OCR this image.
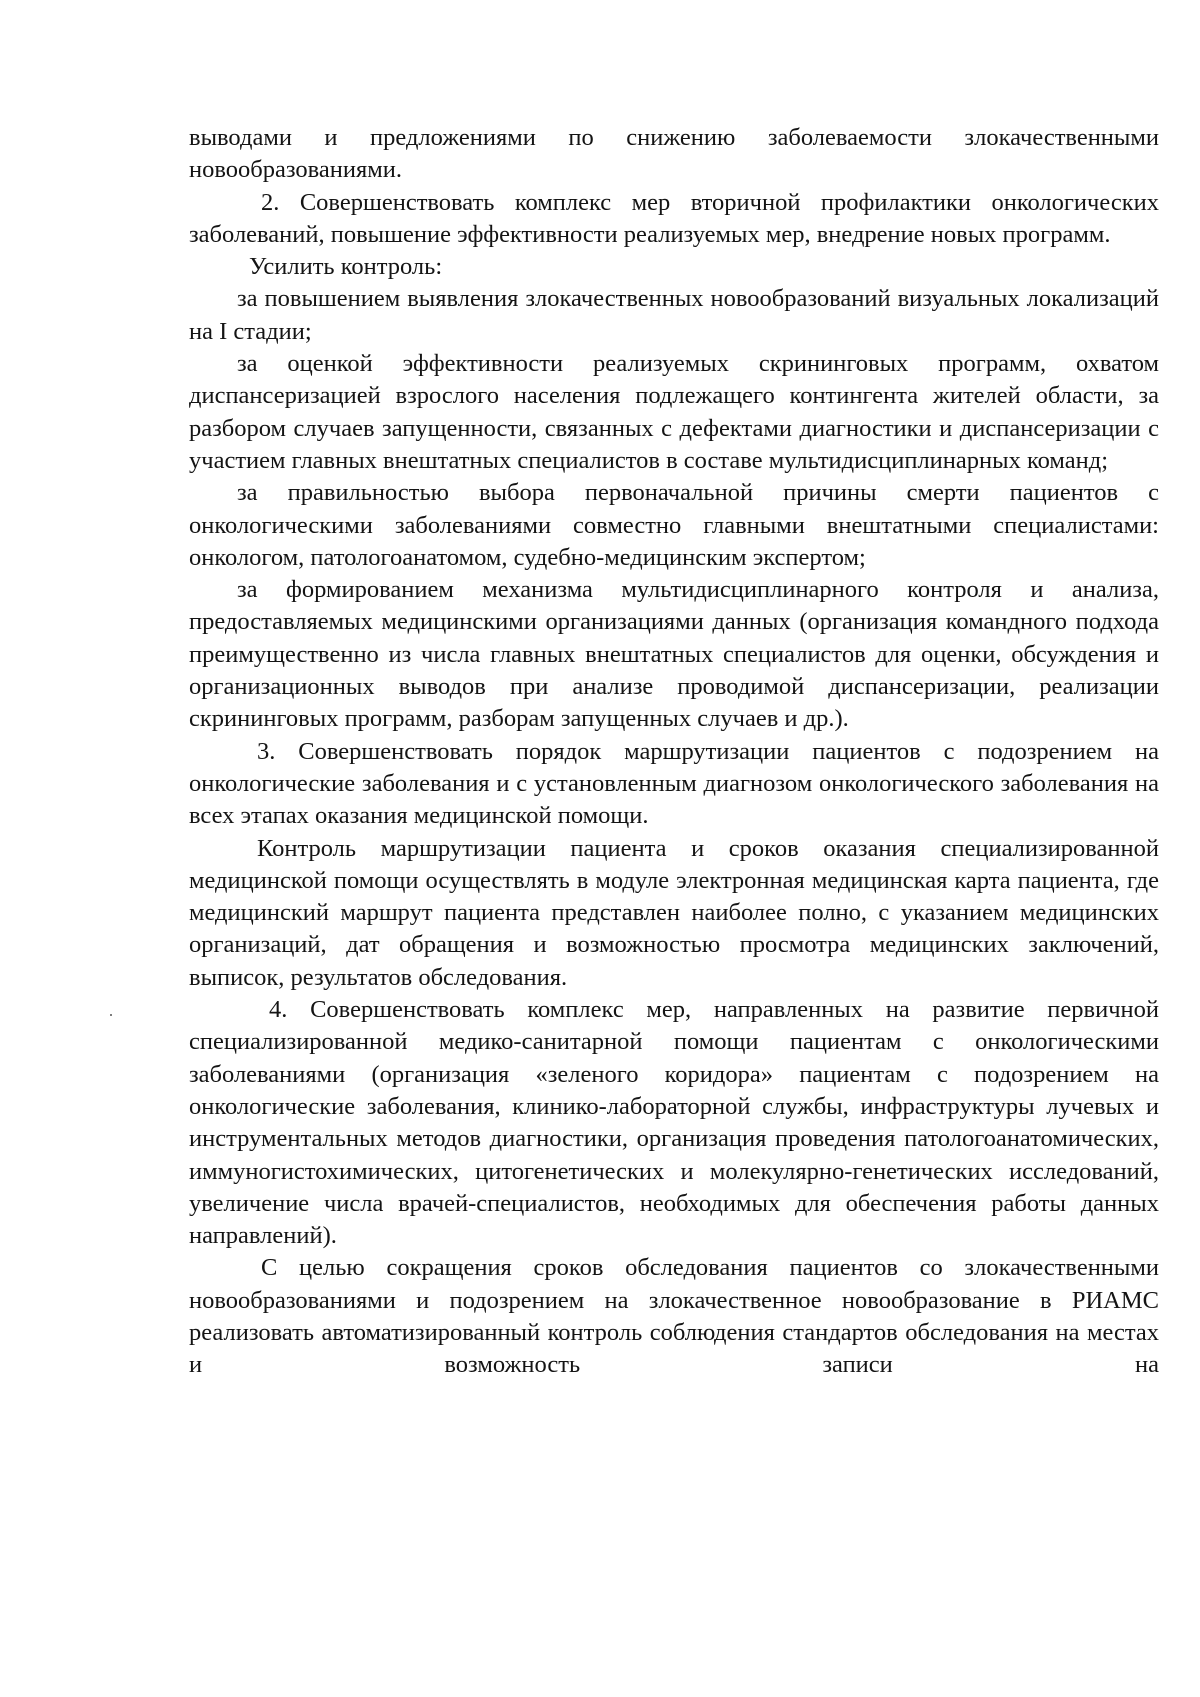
выводами и предложениями по снижению заболеваемости злокачественными новообразованиями.

2. Совершенствовать комплекс мер вторичной профилактики онкологических заболеваний, повышение эффективности реализуемых мер, внедрение новых программ.

Усилить контроль:

за повышением выявления злокачественных новообразований визуальных локализаций на I стадии;

за оценкой эффективности реализуемых скрининговых программ, охватом диспансеризацией взрослого населения подлежащего контингента жителей области, за разбором случаев запущенности, связанных с дефектами диагностики и диспансеризации с участием главных внештатных специалистов в составе мультидисциплинарных команд;

за правильностью выбора первоначальной причины смерти пациентов с онкологическими заболеваниями совместно главными внештатными специалистами: онкологом, патологоанатомом, судебно-медицинским экспертом;

за формированием механизма мультидисциплинарного контроля и анализа, предоставляемых медицинскими организациями данных (организация командного подхода преимущественно из числа главных внештатных специалистов для оценки, обсуждения и организационных выводов при анализе проводимой диспансеризации, реализации скрининговых программ, разборам запущенных случаев и др.).

3. Совершенствовать порядок маршрутизации пациентов с подозрением на онкологические заболевания и с установленным диагнозом онкологического заболевания на всех этапах оказания медицинской помощи.

Контроль маршрутизации пациента и сроков оказания специализированной медицинской помощи осуществлять в модуле электронная медицинская карта пациента, где медицинский маршрут пациента представлен наиболее полно, с указанием медицинских организаций, дат обращения и возможностью просмотра медицинских заключений, выписок, результатов обследования.

4. Совершенствовать комплекс мер, направленных на развитие первичной специализированной медико-санитарной помощи пациентам с онкологическими заболеваниями (организация «зеленого коридора» пациентам с подозрением на онкологические заболевания, клинико-лабораторной службы, инфраструктуры лучевых и инструментальных методов диагностики, организация проведения патологоанатомических, иммуногистохимических, цитогенетических и молекулярно-генетических исследований, увеличение числа врачей-специалистов, необходимых для обеспечения работы данных направлений).

С целью сокращения сроков обследования пациентов со злокачественными новообразованиями и подозрением на злокачественное новообразование в РИАМС реализовать автоматизированный контроль соблюдения стандартов обследования на местах и возможность записи на
